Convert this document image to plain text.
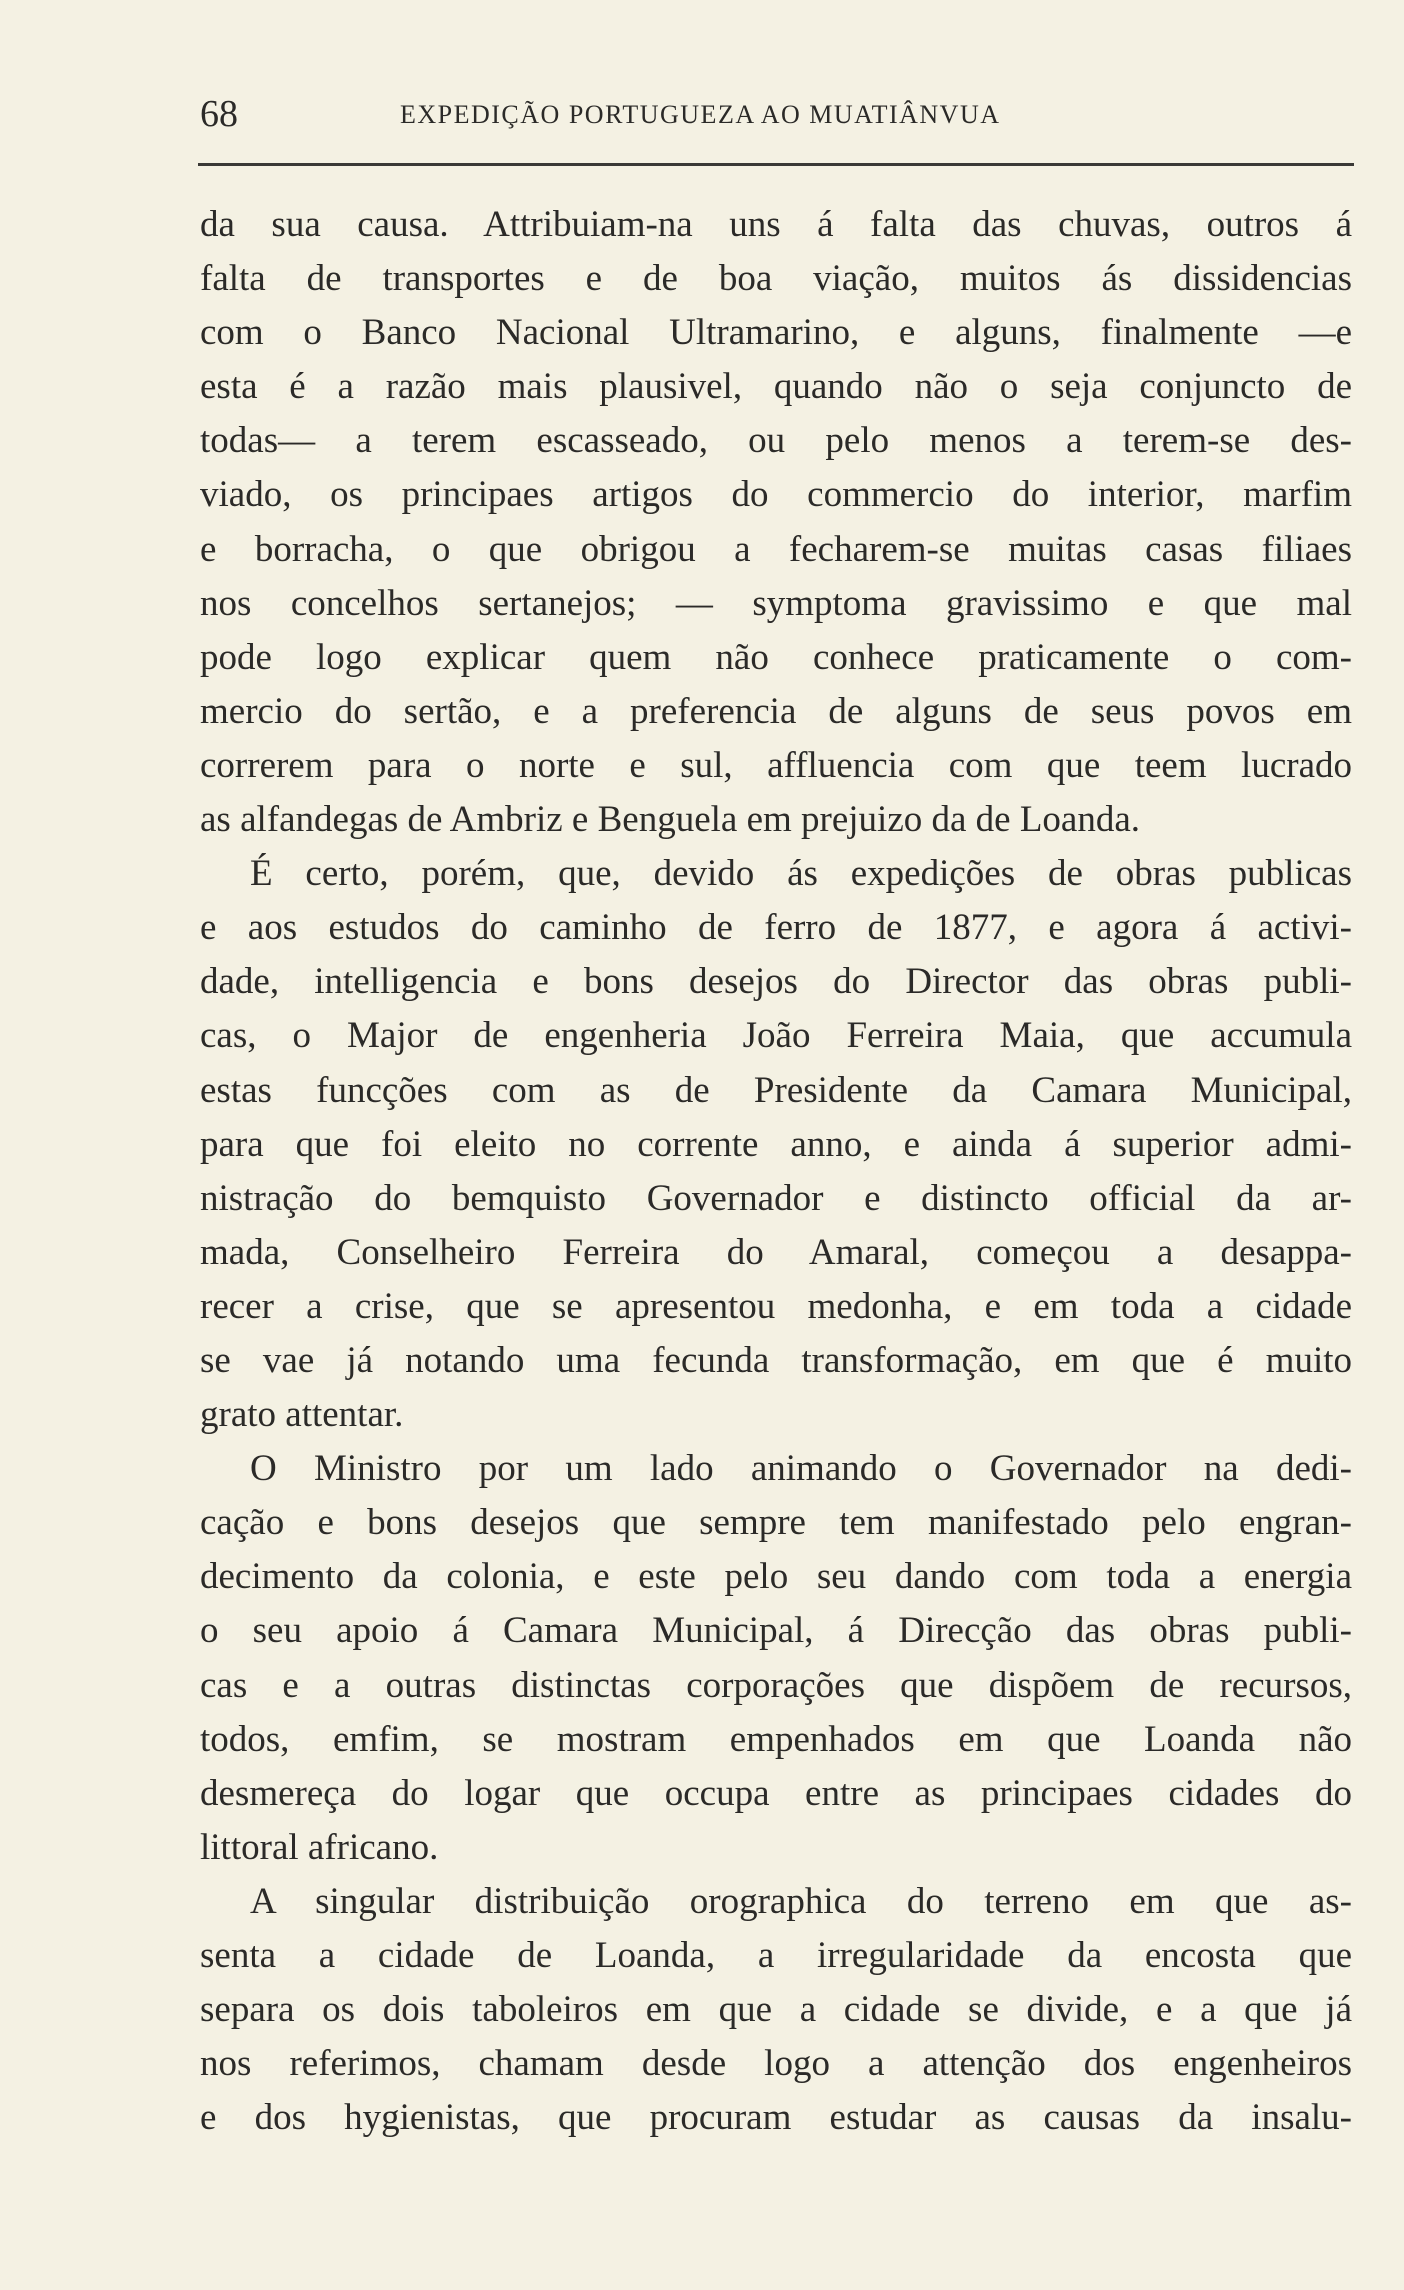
68	EXPEDIÇÃO PORTUGUEZA AO MUATIÂNVUA
da sua causa. Attribuiam-na uns á falta das chuvas, outros á
falta de transportes e de boa viação, muitos ás dissidencias
com o Banco Nacional Ultramarino, e alguns, finalmente —e
esta é a razão mais plausivel, quando não o seja conjuncto de
todas— a terem escasseado, ou pelo menos a terem-se des-
viado, os principaes artigos do commercio do interior, marfim
e borracha, o que obrigou a fecharem-se muitas casas filiaes
nos concelhos sertanejos; — symptoma gravissimo e que mal
pode logo explicar quem não conhece praticamente o com-
mercio do sertão, e a preferencia de alguns de seus povos em
correrem para o norte e sul, affluencia com que teem lucrado
as alfandegas de Ambriz e Benguela em prejuizo da de Loanda.
É certo, porém, que, devido ás expedições de obras publicas
e aos estudos do caminho de ferro de 1877, e agora á activi-
dade, intelligencia e bons desejos do Director das obras publi-
cas, o Major de engenheria João Ferreira Maia, que accumula
estas funcções com as de Presidente da Camara Municipal,
para que foi eleito no corrente anno, e ainda á superior admi-
nistração do bemquisto Governador e distincto official da ar-
mada, Conselheiro Ferreira do Amaral, começou a desappa-
recer a crise, que se apresentou medonha, e em toda a cidade
se vae já notando uma fecunda transformação, em que é muito
grato attentar.
O Ministro por um lado animando o Governador na dedi-
cação e bons desejos que sempre tem manifestado pelo engran-
decimento da colonia, e este pelo seu dando com toda a energia
o seu apoio á Camara Municipal, á Direcção das obras publi-
cas e a outras distinctas corporações que dispõem de recursos,
todos, emfim, se mostram empenhados em que Loanda não
desmereça do logar que occupa entre as principaes cidades do
littoral africano.
A singular distribuição orographica do terreno em que as-
senta a cidade de Loanda, a irregularidade da encosta que
separa os dois taboleiros em que a cidade se divide, e a que já
nos referimos, chamam desde logo a attenção dos engenheiros
e dos hygienistas, que procuram estudar as causas da insalu-
